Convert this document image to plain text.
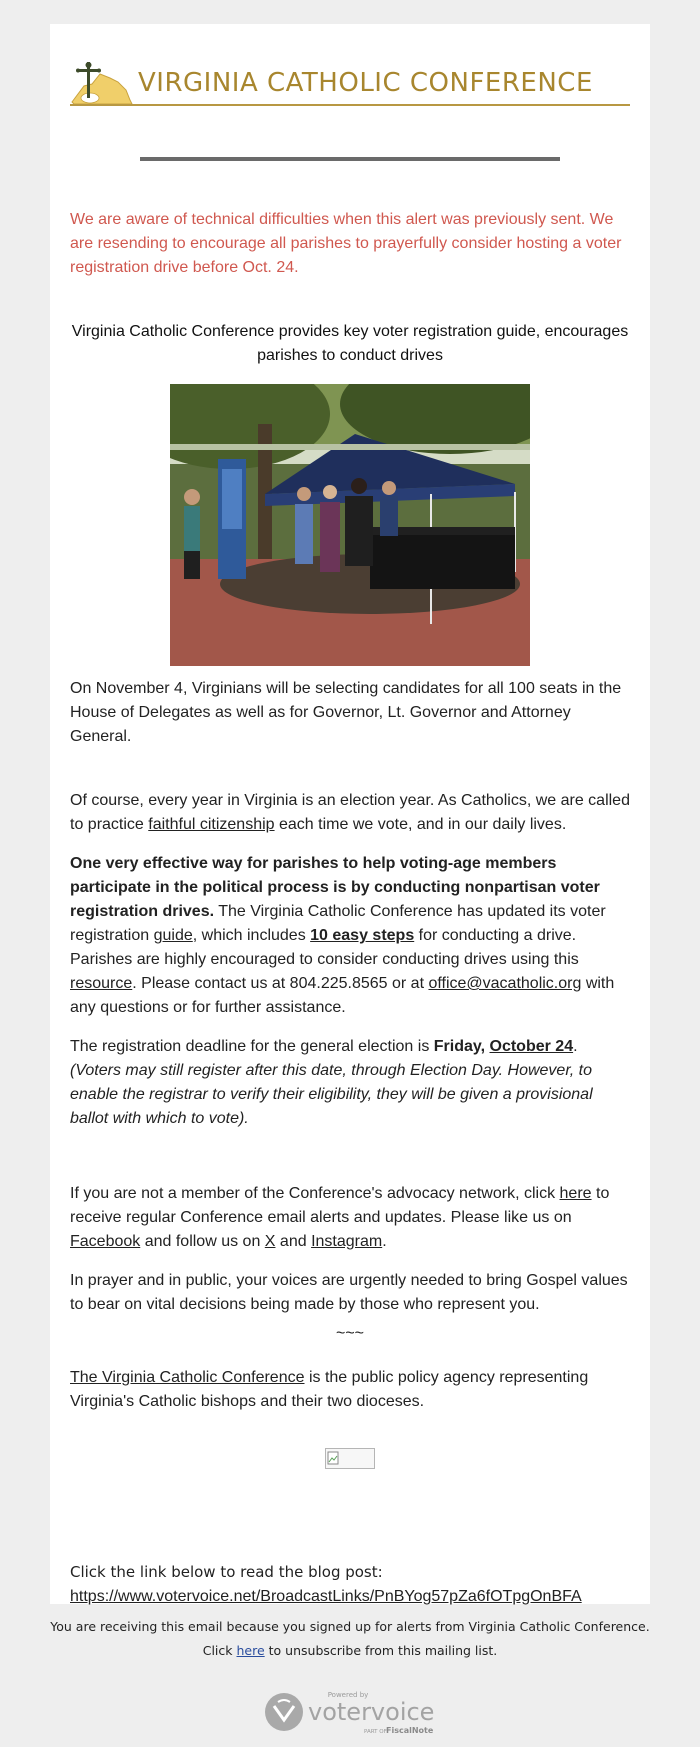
VIRGINIA CATHOLIC CONFERENCE

We are aware of technical difficulties when this alert was previously sent. We are resending to encourage all parishes to prayerfully consider hosting a voter registration drive before Oct. 24.

Virginia Catholic Conference provides key voter registration guide, encourages parishes to conduct drives

On November 4, Virginians will be selecting candidates for all 100 seats in the House of Delegates as well as for Governor, Lt. Governor and Attorney General.

Of course, every year in Virginia is an election year. As Catholics, we are called to practice faithful citizenship each time we vote, and in our daily lives.

One very effective way for parishes to help voting-age members participate in the political process is by conducting nonpartisan voter registration drives. The Virginia Catholic Conference has updated its voter registration guide, which includes 10 easy steps for conducting a drive. Parishes are highly encouraged to consider conducting drives using this resource. Please contact us at 804.225.8565 or at office@vacatholic.org with any questions or for further assistance.

The registration deadline for the general election is Friday, October 24.
(Voters may still register after this date, through Election Day. However, to enable the registrar to verify their eligibility, they will be given a provisional ballot with which to vote).

If you are not a member of the Conference's advocacy network, click here to receive regular Conference email alerts and updates. Please like us on Facebook and follow us on X and Instagram.

In prayer and in public, your voices are urgently needed to bring Gospel values to bear on vital decisions being made by those who represent you.

~~~

The Virginia Catholic Conference is the public policy agency representing Virginia's Catholic bishops and their two dioceses.

Click the link below to read the blog post:
https://www.votervoice.net/BroadcastLinks/PnBYog57pZa6fOTpgOnBFA

You are receiving this email because you signed up for alerts from Virginia Catholic Conference.
Click here to unsubscribe from this mailing list.
Powered by
votervoice
PART OF FiscalNote
